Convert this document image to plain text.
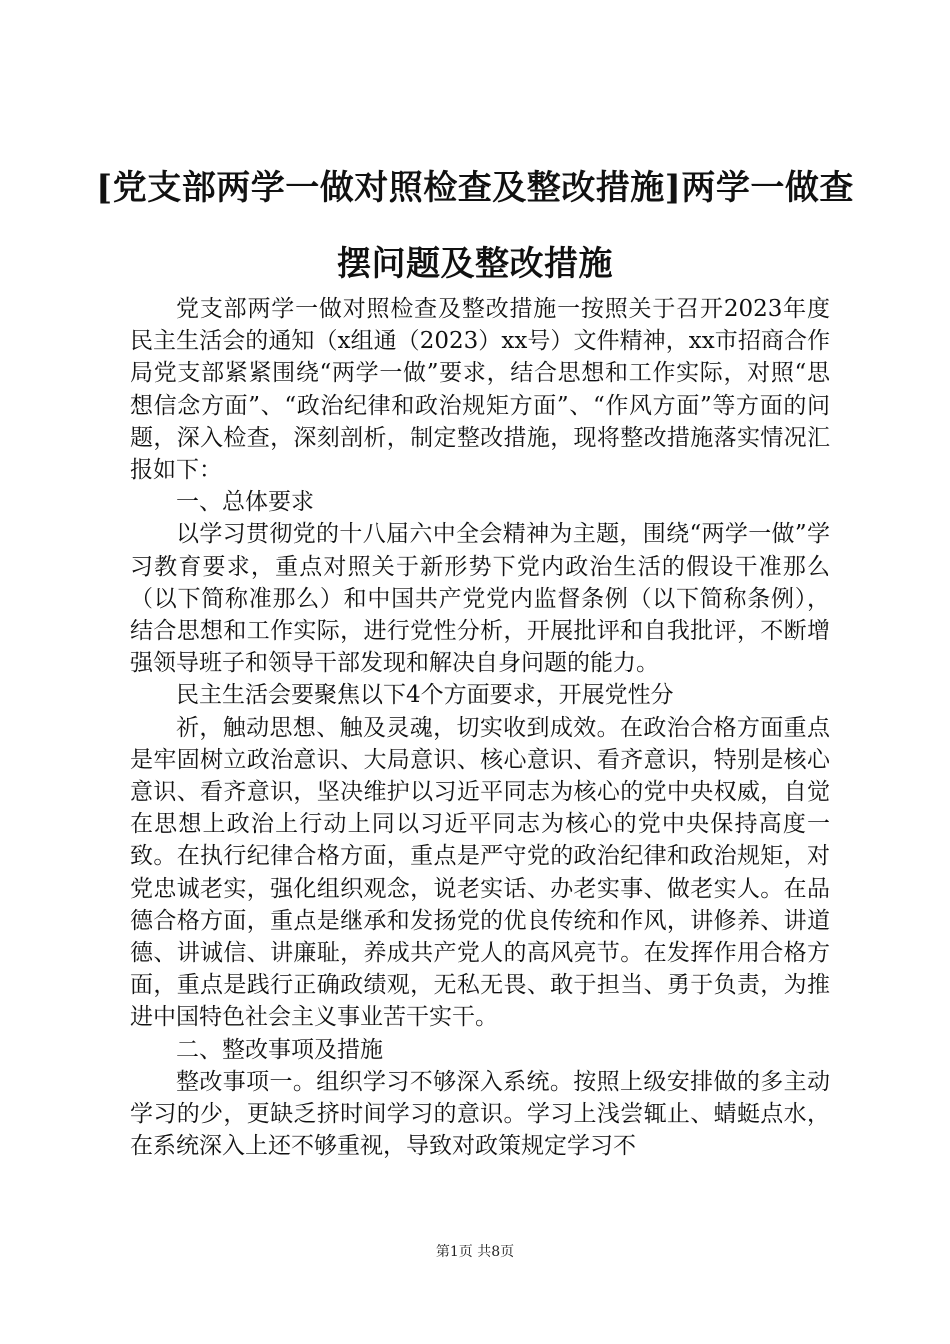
[党支部两学一做对照检查及整改措施]两学一做查摆问题及整改措施

党支部两学一做对照检查及整改措施一按照关于召开2023年度民主生活会的通知（x组通（2023）xx号）文件精神，xx市招商合作局党支部紧紧围绕“两学一做”要求，结合思想和工作实际，对照“思想信念方面”、“政治纪律和政治规矩方面”、“作风方面”等方面的问题，深入检查，深刻剖析，制定整改措施，现将整改措施落实情况汇报如下：

一、总体要求

以学习贯彻党的十八届六中全会精神为主题，围绕“两学一做”学习教育要求，重点对照关于新形势下党内政治生活的假设干准那么（以下简称准那么）和中国共产党党内监督条例（以下简称条例），结合思想和工作实际，进行党性分析，开展批评和自我批评，不断增强领导班子和领导干部发现和解决自身问题的能力。

民主生活会要聚焦以下4个方面要求，开展党性分

祈，触动思想、触及灵魂，切实收到成效。在政治合格方面重点是牢固树立政治意识、大局意识、核心意识、看齐意识，特别是核心意识、看齐意识，坚决维护以习近平同志为核心的党中央权威，自觉在思想上政治上行动上同以习近平同志为核心的党中央保持高度一致。在执行纪律合格方面，重点是严守党的政治纪律和政治规矩，对党忠诚老实，强化组织观念，说老实话、办老实事、做老实人。在品德合格方面，重点是继承和发扬党的优良传统和作风，讲修养、讲道德、讲诚信、讲廉耻，养成共产党人的高风亮节。在发挥作用合格方面，重点是践行正确政绩观，无私无畏、敢于担当、勇于负责，为推进中国特色社会主义事业苦干实干。

二、整改事项及措施

整改事项一。组织学习不够深入系统。按照上级安排做的多主动学习的少，更缺乏挤时间学习的意识。学习上浅尝辄止、蜻蜓点水，在系统深入上还不够重视，导致对政策规定学习不

第1页 共8页
